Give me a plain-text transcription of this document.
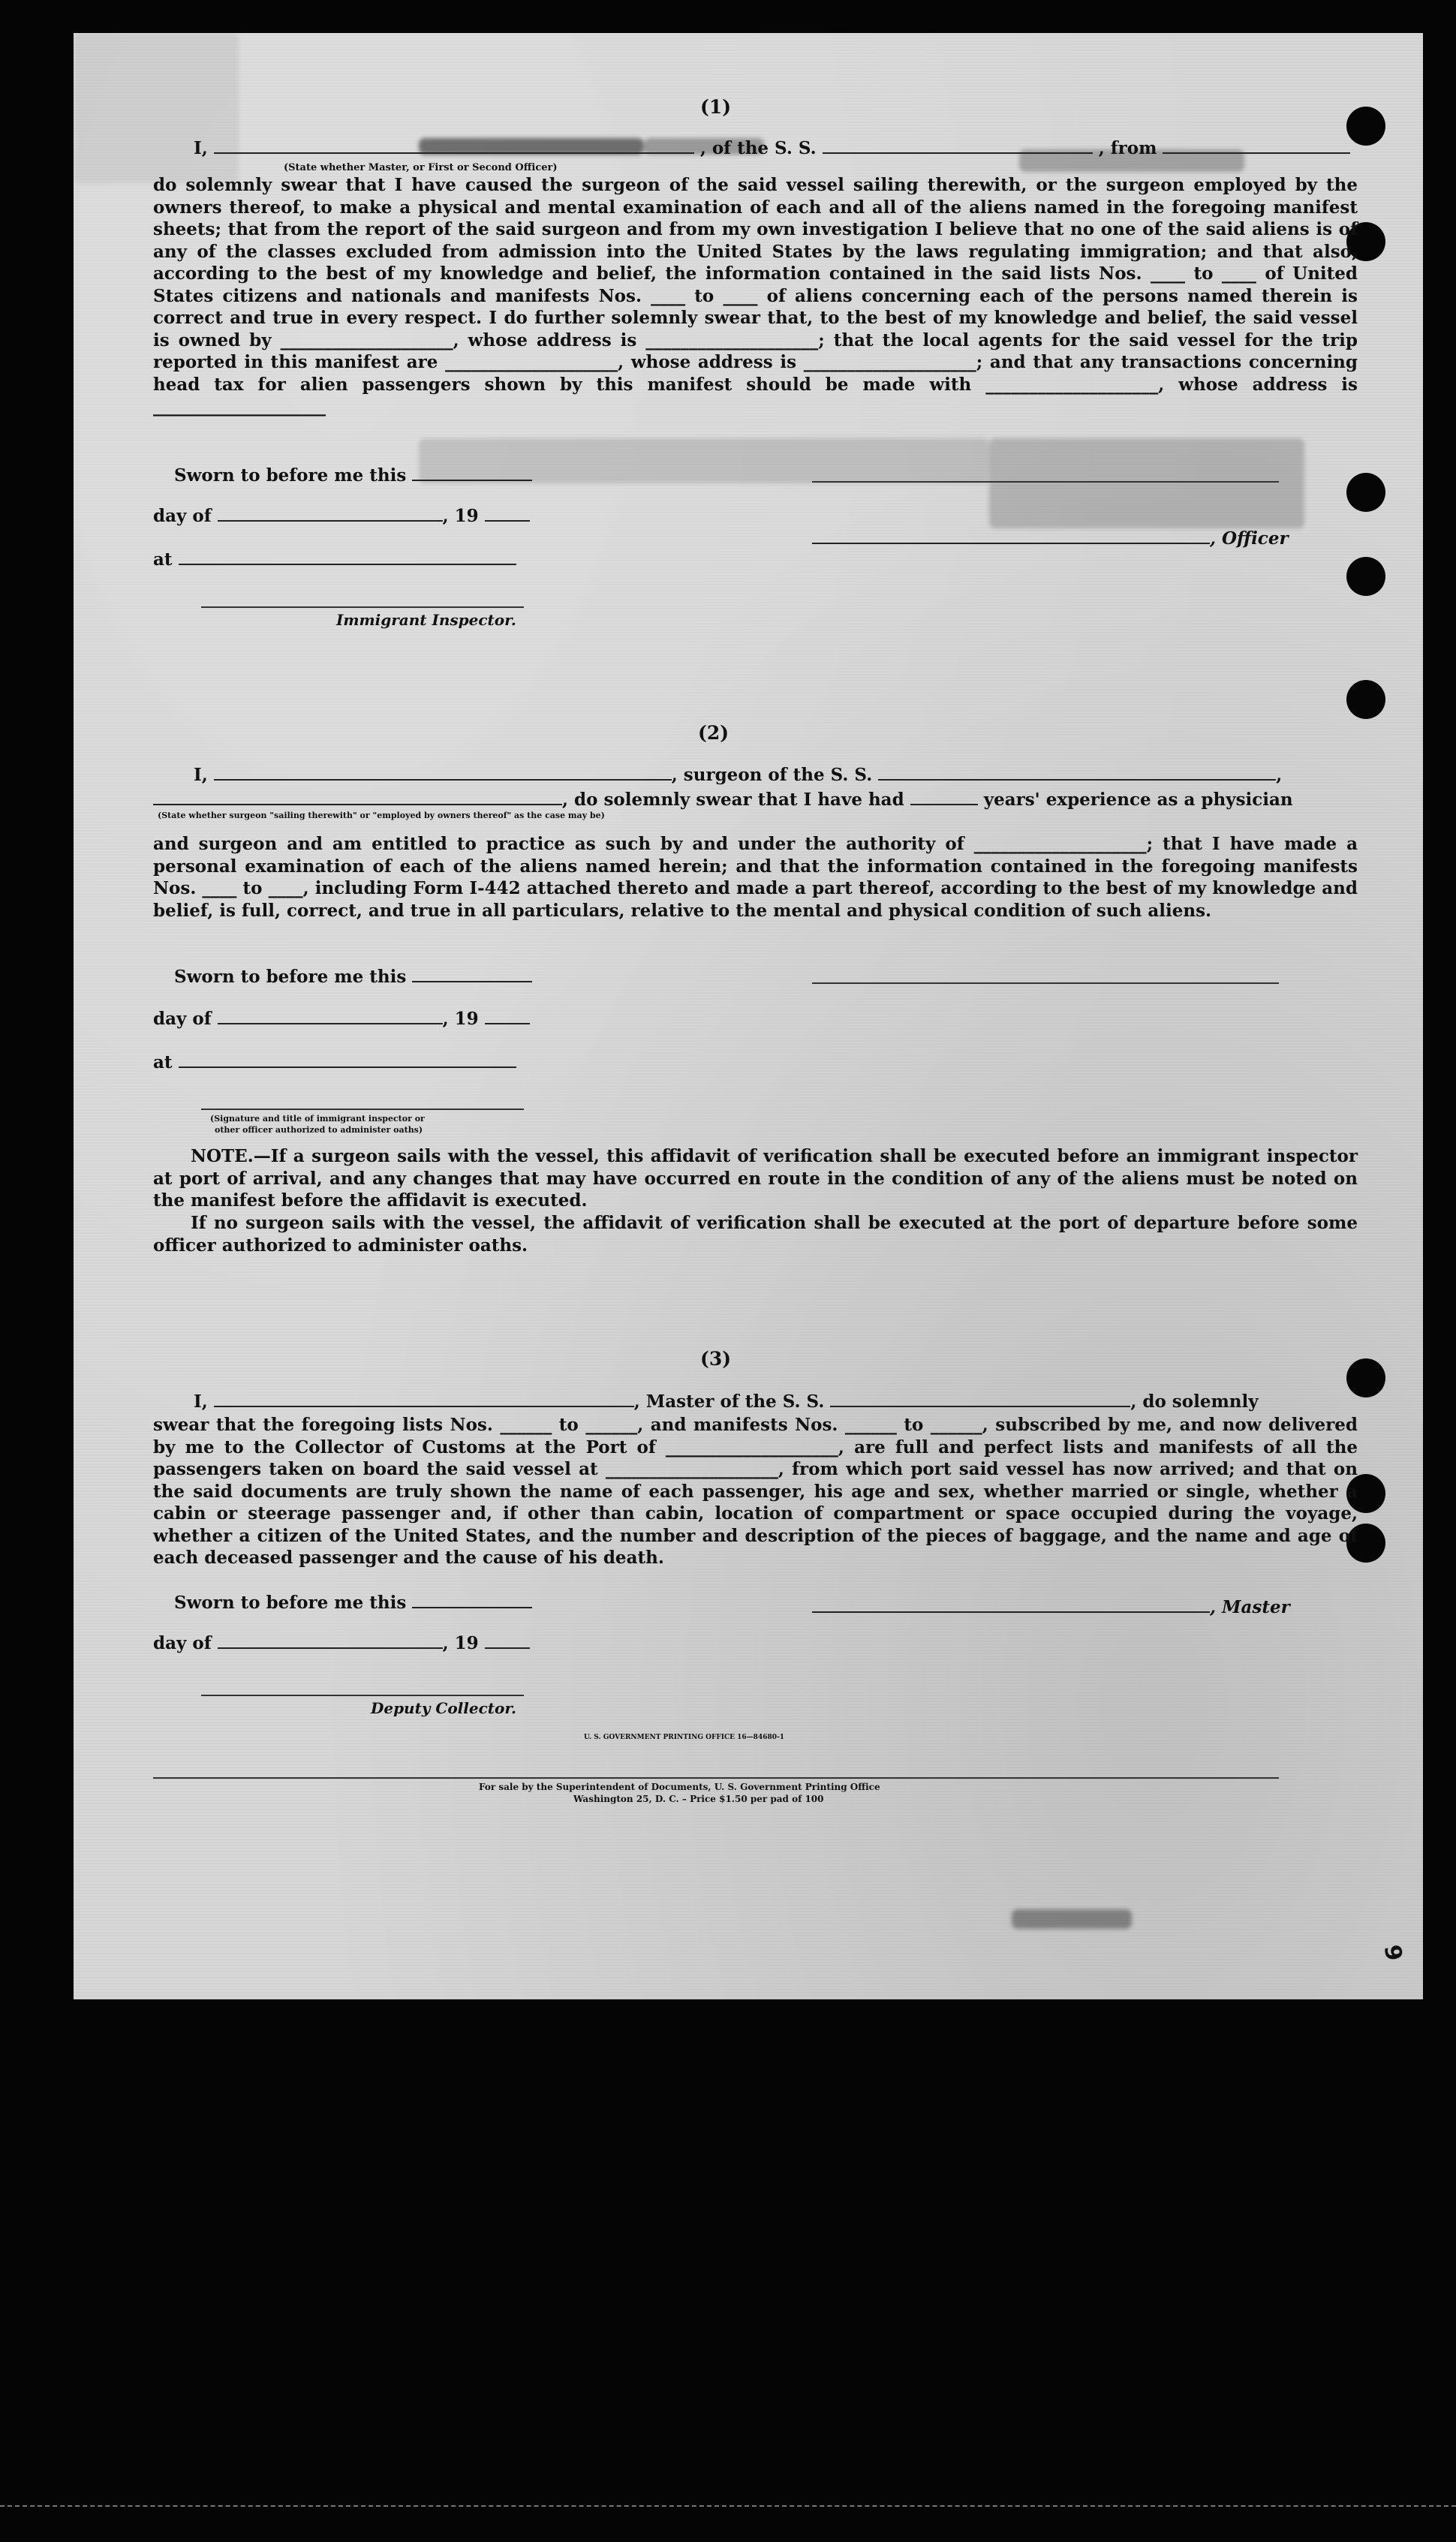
(1)
I,	, of the S. S.	, from
(State whether Master, or First or Second Officer)
do solemnly swear that I have caused the surgeon of the said vessel sailing therewith, or the surgeon employed by the owners thereof, to make a physical and mental examination of each and all of the aliens named in the foregoing manifest sheets; that from the report of the said surgeon and from my own investigation I believe that no one of the said aliens is of any of the classes excluded from admission into the United States by the laws regulating immigration; and that also, according to the best of my knowledge and belief, the information contained in the said lists Nos. ____ to ____ of United States citizens and nationals and manifests Nos. ____ to ____ of aliens concerning each of the persons named therein is correct and true in every respect. I do further solemnly swear that, to the best of my knowledge and belief, the said vessel is owned by ____________________, whose address is ____________________; that the local agents for the said vessel for the trip reported in this manifest are ____________________, whose address is ____________________; and that any transactions concerning head tax for alien passengers shown by this manifest should be made with ____________________, whose address is ____________________
Sworn to before me this
day of	, 19
, Officer
at
Immigrant Inspector.
(2)
I,	, surgeon of the S. S.	,
, do solemnly swear that I have had	years' experience as a physician
(State whether surgeon "sailing therewith" or "employed by owners thereof" as the case may be)
and surgeon and am entitled to practice as such by and under the authority of ____________________; that I have made a personal examination of each of the aliens named herein; and that the information contained in the foregoing manifests Nos. ____ to ____, including Form I-442 attached thereto and made a part thereof, according to the best of my knowledge and belief, is full, correct, and true in all particulars, relative to the mental and physical condition of such aliens.
Sworn to before me this
day of	, 19
at
(Signature and title of immigrant inspector or
other officer authorized to administer oaths)
NOTE.—If a surgeon sails with the vessel, this affidavit of verification shall be executed before an immigrant inspector at port of arrival, and any changes that may have occurred en route in the condition of any of the aliens must be noted on the manifest before the affidavit is executed.
If no surgeon sails with the vessel, the affidavit of verification shall be executed at the port of departure before some officer authorized to administer oaths.
(3)
I,	, Master of the S. S.	, do solemnly
swear that the foregoing lists Nos. ______ to ______, and manifests Nos. ______ to ______, subscribed by me, and now delivered by me to the Collector of Customs at the Port of ____________________, are full and perfect lists and manifests of all the passengers taken on board the said vessel at ____________________, from which port said vessel has now arrived; and that on the said documents are truly shown the name of each passenger, his age and sex, whether married or single, whether a cabin or steerage passenger and, if other than cabin, location of compartment or space occupied during the voyage, whether a citizen of the United States, and the number and description of the pieces of baggage, and the name and age of each deceased passenger and the cause of his death.
Sworn to before me this	, Master
day of	, 19
Deputy Collector.
U. S. GOVERNMENT PRINTING OFFICE 16—84680-1
For sale by the Superintendent of Documents, U. S. Government Printing Office
Washington 25, D. C. – Price $1.50 per pad of 100
6
